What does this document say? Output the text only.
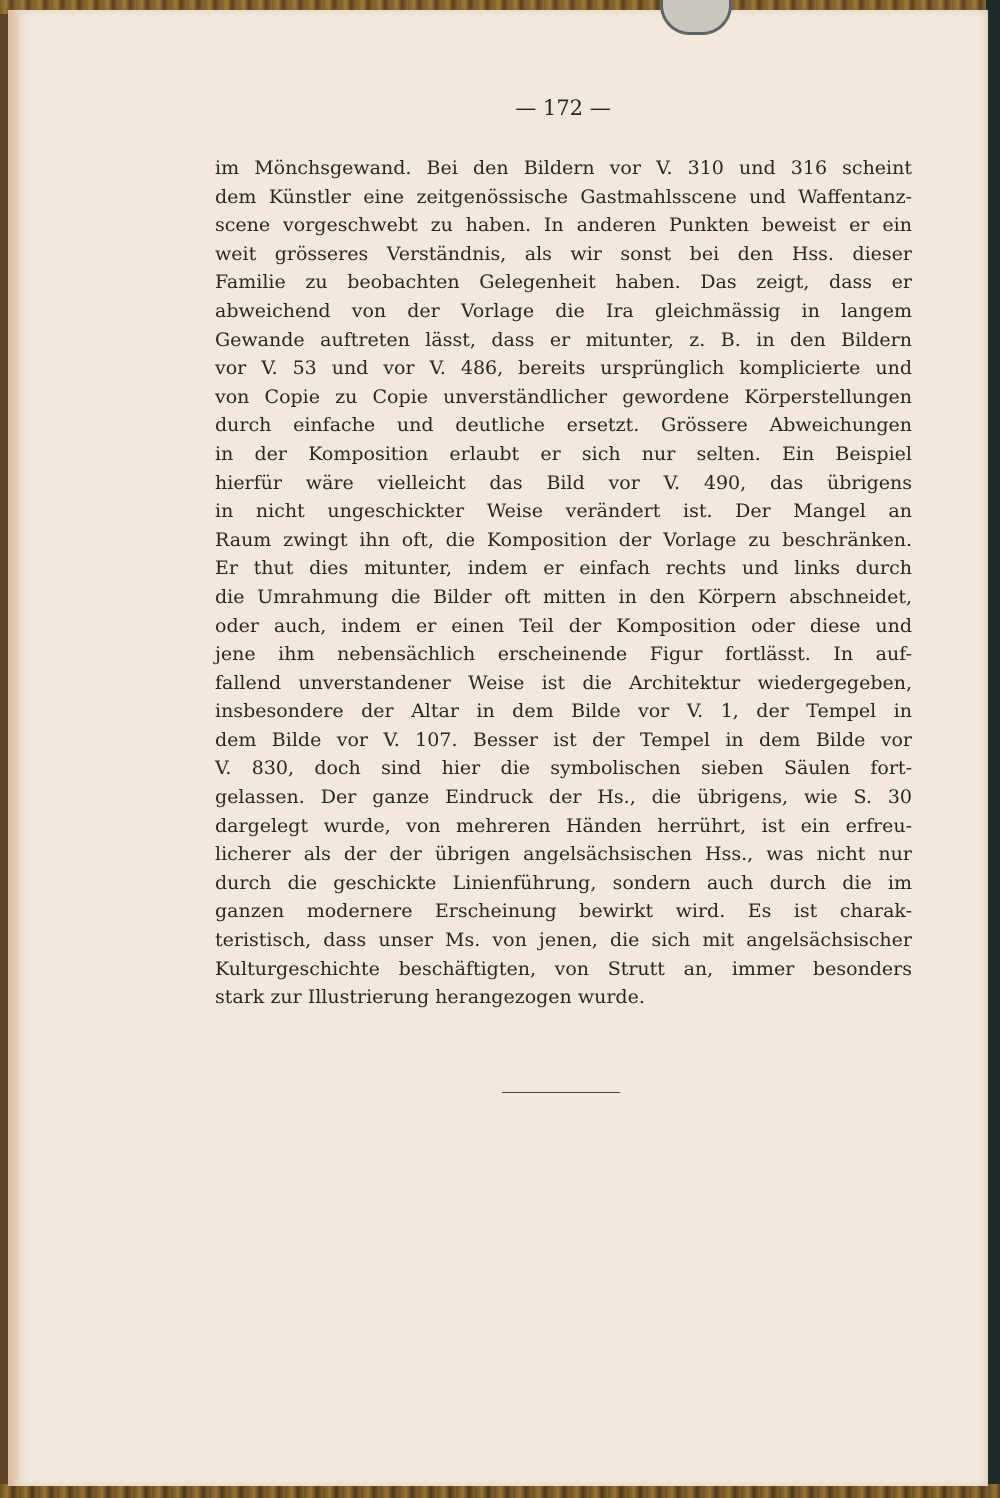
— 172 —

im Mönchsgewand. Bei den Bildern vor V. 310 und 316 scheint
dem Künstler eine zeitgenössische Gastmahlsscene und Waffentanz-
scene vorgeschwebt zu haben. In anderen Punkten beweist er ein
weit grösseres Verständnis, als wir sonst bei den Hss. dieser
Familie zu beobachten Gelegenheit haben. Das zeigt, dass er
abweichend von der Vorlage die Ira gleichmässig in langem
Gewande auftreten lässt, dass er mitunter, z. B. in den Bildern
vor V. 53 und vor V. 486, bereits ursprünglich komplicierte und
von Copie zu Copie unverständlicher gewordene Körperstellungen
durch einfache und deutliche ersetzt. Grössere Abweichungen
in der Komposition erlaubt er sich nur selten. Ein Beispiel
hierfür wäre vielleicht das Bild vor V. 490, das übrigens
in nicht ungeschickter Weise verändert ist. Der Mangel an
Raum zwingt ihn oft, die Komposition der Vorlage zu beschränken.
Er thut dies mitunter, indem er einfach rechts und links durch
die Umrahmung die Bilder oft mitten in den Körpern abschneidet,
oder auch, indem er einen Teil der Komposition oder diese und
jene ihm nebensächlich erscheinende Figur fortlässt. In auf-
fallend unverstandener Weise ist die Architektur wiedergegeben,
insbesondere der Altar in dem Bilde vor V. 1, der Tempel in
dem Bilde vor V. 107. Besser ist der Tempel in dem Bilde vor
V. 830, doch sind hier die symbolischen sieben Säulen fort-
gelassen. Der ganze Eindruck der Hs., die übrigens, wie S. 30
dargelegt wurde, von mehreren Händen herrührt, ist ein erfreu-
licherer als der der übrigen angelsächsischen Hss., was nicht nur
durch die geschickte Linienführung, sondern auch durch die im
ganzen modernere Erscheinung bewirkt wird. Es ist charak-
teristisch, dass unser Ms. von jenen, die sich mit angelsächsischer
Kulturgeschichte beschäftigten, von Strutt an, immer besonders
stark zur Illustrierung herangezogen wurde.
